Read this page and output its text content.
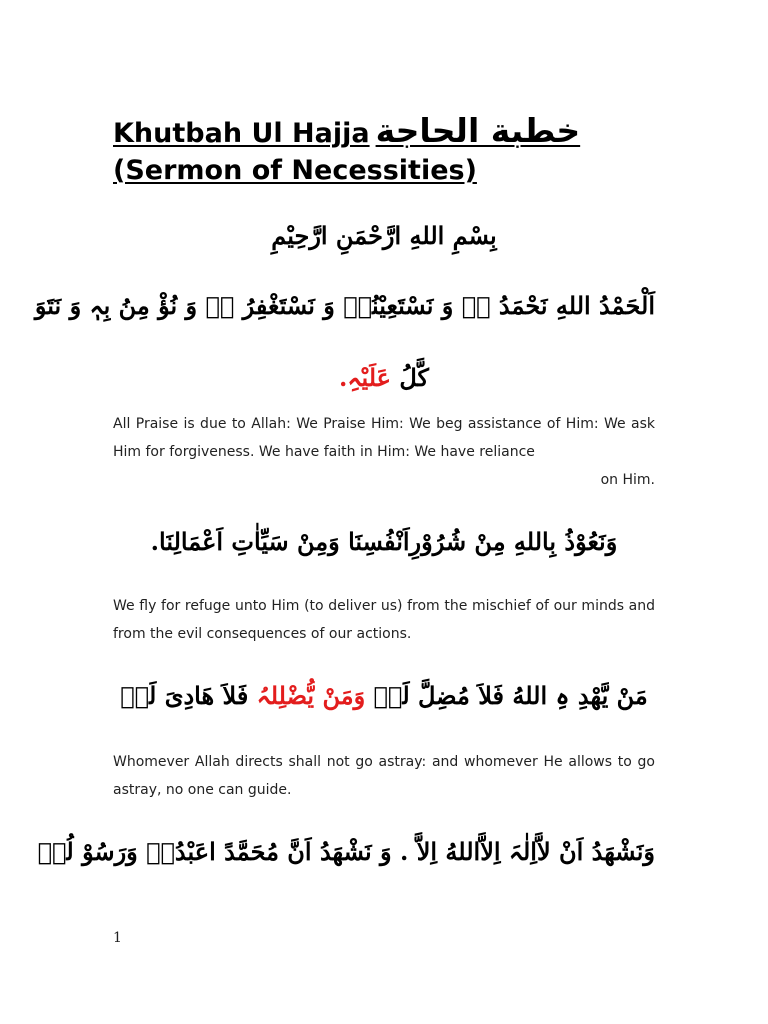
Khutbah Ul Hajja خطبة الحاجة
(Sermon of Necessities)
بِسْمِ اللهِ ارَّحْمَنِ ارَّحِيْمِ
اَلْحَمْدُ اللهِ نَحْمَدُ ہٗ وَ نَسْتَعِيْنُہٗ وَ نَسْتَغْفِرُ ہٗ وَ نُؤْ مِنُ بِہٖ وَ نَتَوَ
كَّلُ عَلَيْہِ.
All Praise is due to Allah: We Praise Him: We beg assistance of Him: We ask Him for forgiveness. We have faith in Him: We have reliance
on Him.
وَنَعُوْذُ بِاللهِ مِنْ شُرُوْرِاَنْفُسِنَا وَمِنْ سَيِّاٰتِ اَعْمَالِنَا.
We fly for refuge unto Him (to deliver us) from the mischief of our minds and from the evil consequences of our actions.
مَنْ يَّهْدِ ہِ اللهُ فَلاَ مُضِلَّ لَہٗ وَمَنْ يُّضْلِلہُ فَلاَ هَادِیَ لَہٗ
Whomever Allah directs shall not go astray: and whomever He allows to go astray, no one can guide.
وَنَشْهَدُ اَنْ لاَّاِلٰہَ اِلاَّاللهُ اِلاَّ . وَ نَشْهَدُ اَنَّ مُحَمَّدً اعَبْدُہٗ وَرَسُوْ لُہٗ
1
